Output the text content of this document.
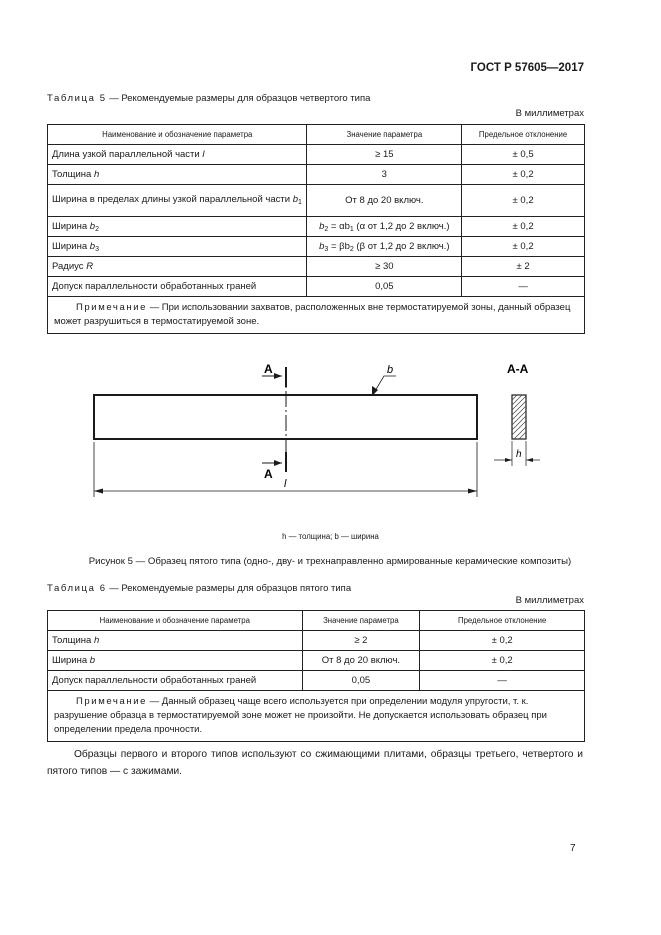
ГОСТ Р 57605—2017
Таблица 5 — Рекомендуемые размеры для образцов четвертого типа
В миллиметрах
Наименование и обозначение параметра	Значение параметра	Предельное отклонение
Длина узкой параллельной части l	≥ 15	± 0,5
Толщина h	3	± 0,2
Ширина в пределах длины узкой параллельной части $b_1$	От 8 до 20 включ.	± 0,2
Ширина $b_2$	$b_2 = \alpha b_1$ (α от 1,2 до 2 включ.)	± 0,2
Ширина $b_3$	$b_3 = \beta b_2$ (β от 1,2 до 2 включ.)	± 0,2
Радиус R	≥ 30	± 2
Допуск параллельности обработанных граней	0,05	—
Примечание — При использовании захватов, расположенных вне термостатируемой зоны, данный образец может разрушиться в термостатируемой зоне.		
А
А
А-А
b
l
h
h — толщина; b — ширина
Рисунок 5 — Образец пятого типа (одно-, дву- и трехнаправленно армированные керамические композиты)
Таблица 6 — Рекомендуемые размеры для образцов пятого типа
В миллиметрах
Наименование и обозначение параметра	Значение параметра	Предельное отклонение
Толщина h	≥ 2	± 0,2
Ширина b	От 8 до 20 включ.	± 0,2
Допуск параллельности обработанных граней	0,05	—
Примечание — Данный образец чаще всего используется при определении модуля упругости, т. к. разрушение образца в термостатируемой зоне может не произойти. Не допускается использовать образец при определении предела прочности.		
Образцы первого и второго типов используют со сжимающими плитами, образцы третьего, четвертого и пятого типов — с зажимами.
7
